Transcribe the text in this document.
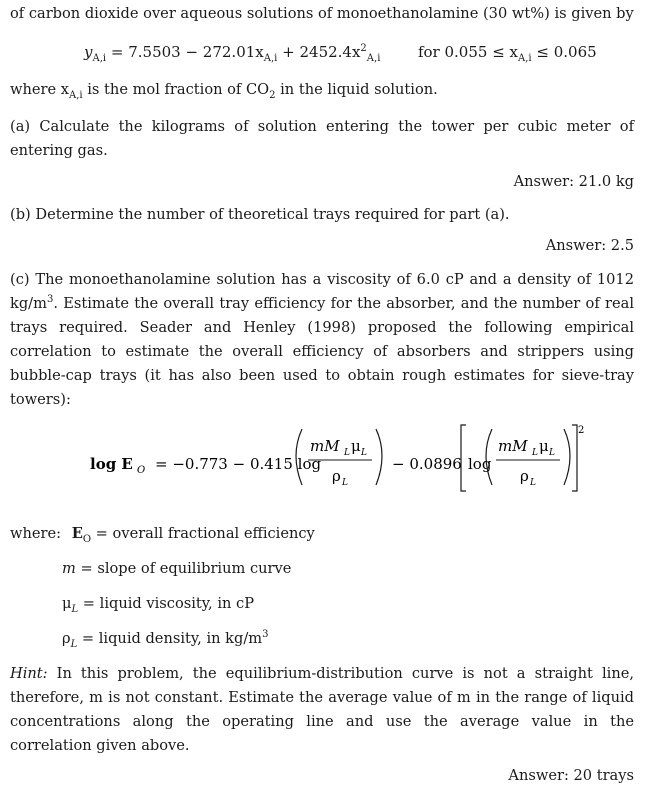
of carbon dioxide over aqueous solutions of monoethanolamine (30 wt%) is given by
$y_{A,i} = 7.5503 - 272.01x_{A,i} + 2452.4x^2_{A,i}$	for $0.055 \le x_{A,i} \le 0.065$
where $x_{A,i}$ is the mol fraction of $CO_2$ in the liquid solution.
(a) Calculate the kilograms of solution entering the tower per cubic meter of entering gas.
Answer: 21.0 kg
(b) Determine the number of theoretical trays required for part (a).
Answer: 2.5
(c) The monoethanolamine solution has a viscosity of 6.0 cP and a density of 1012 $kg/m^3$. Estimate the overall tray efficiency for the absorber, and the number of real trays required. Seader and Henley (1998) proposed the following empirical correlation to estimate the overall efficiency of absorbers and strippers using bubble-cap trays (it has also been used to obtain rough estimates for sieve-tray towers):
log E O = −0.773 − 0.415 log
mM L μ L
ρ L
− 0.0896 log
mM L μ L
ρ L
2
where: $E_O$ = overall fractional efficiency
m = slope of equilibrium curve
$\mu_L$ = liquid viscosity, in cP
$\rho_L$ = liquid density, in $kg/m^3$
Hint: In this problem, the equilibrium-distribution curve is not a straight line, therefore, m is not constant. Estimate the average value of m in the range of liquid concentrations along the operating line and use the average value in the correlation given above.
Answer: 20 trays
